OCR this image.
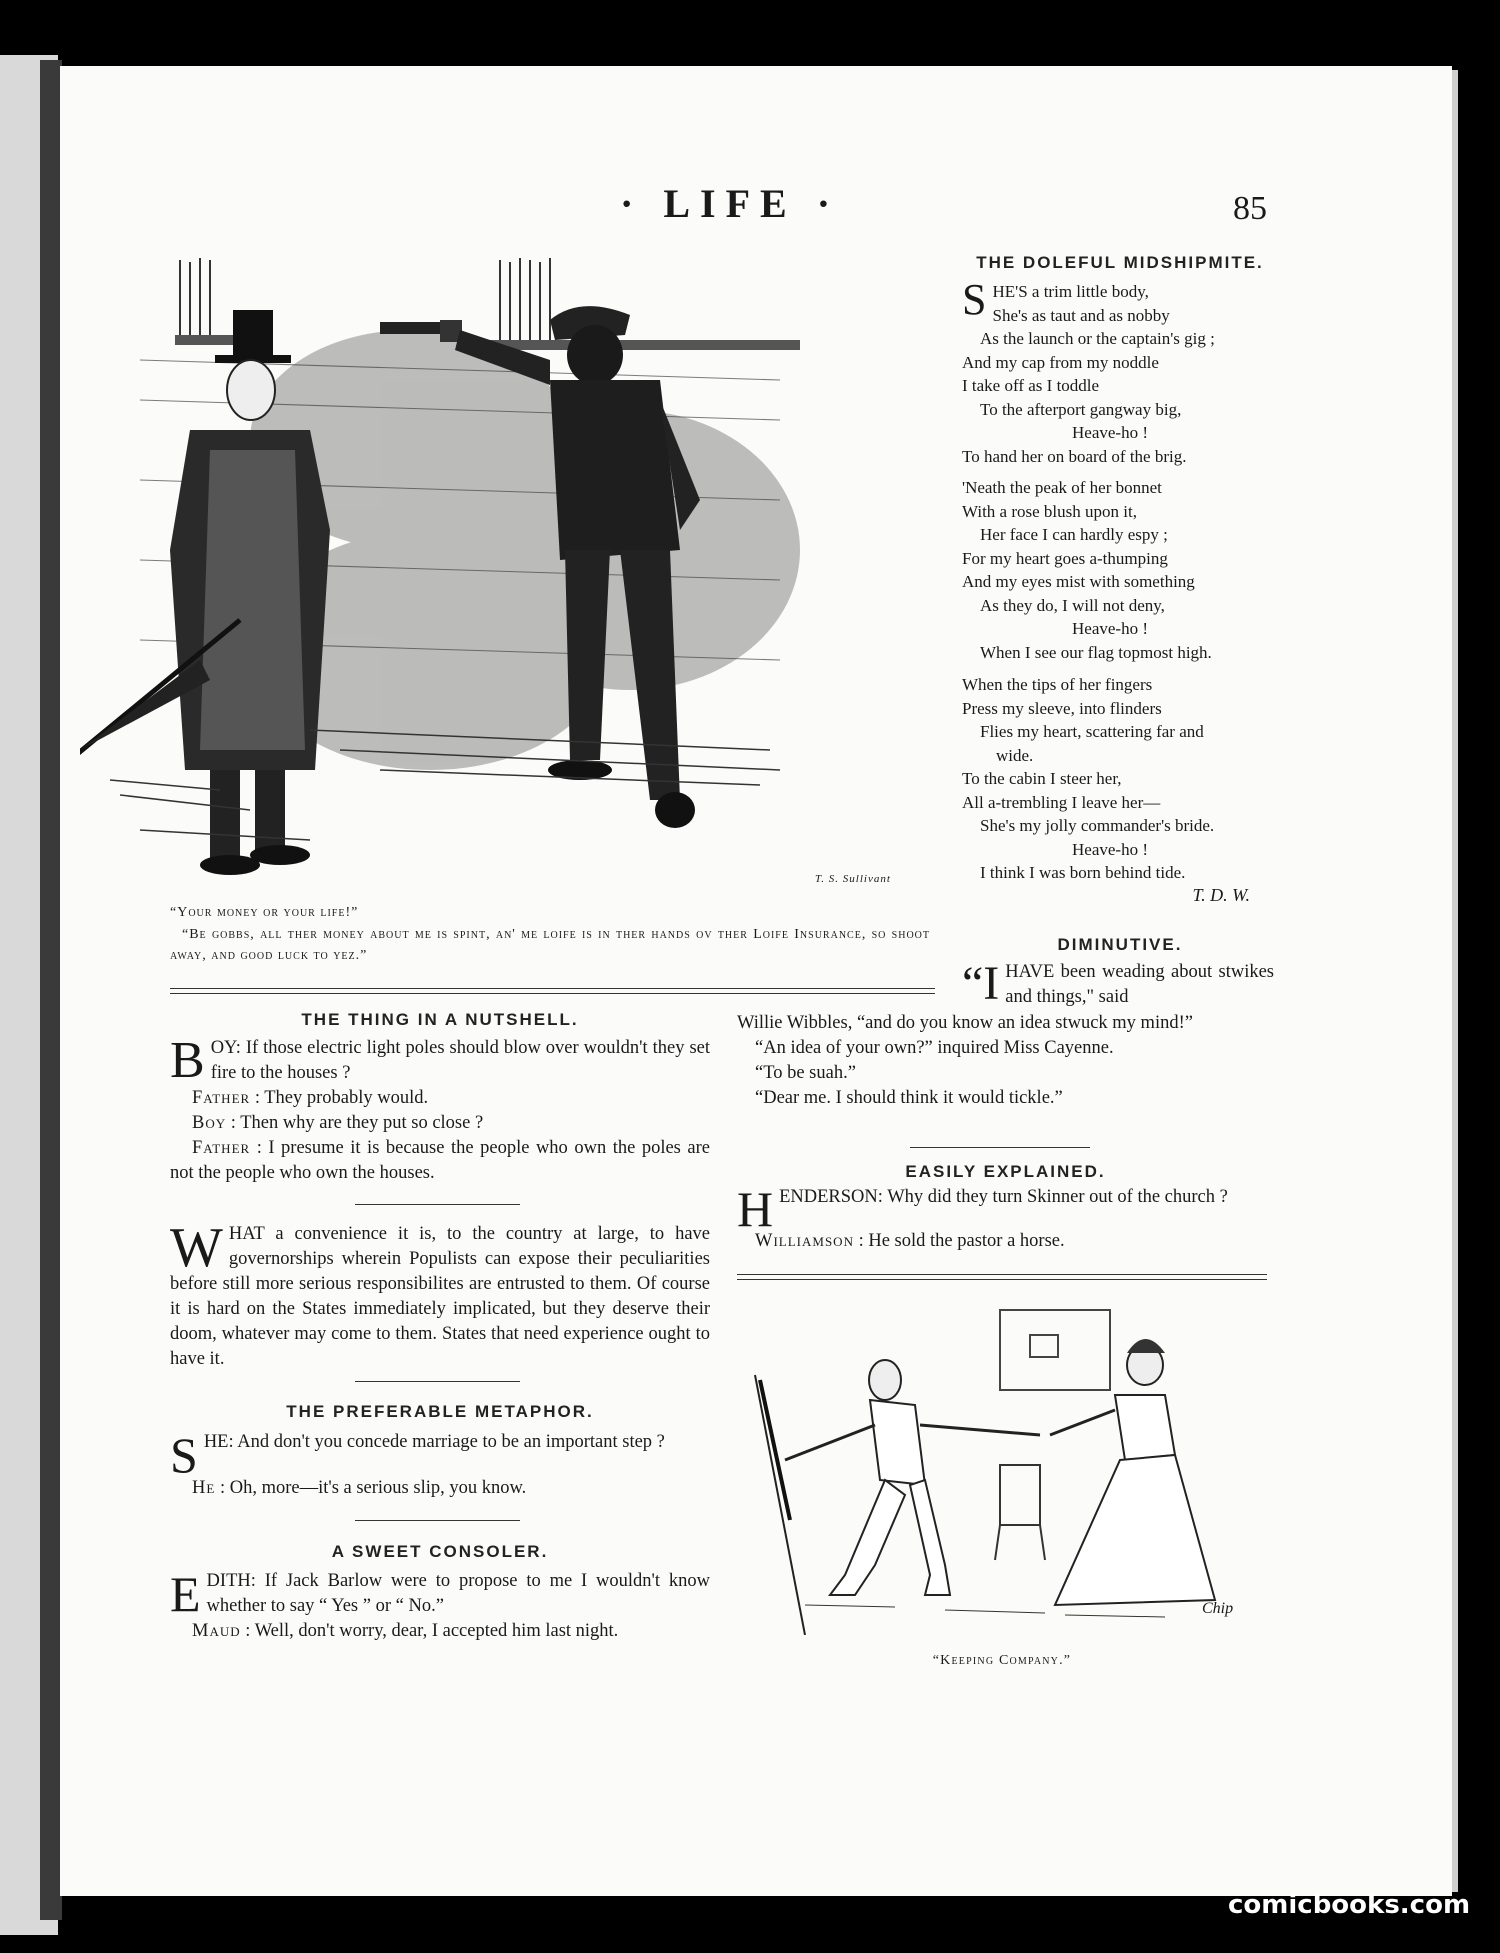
· LIFE ·	85
T. S. Sullivant
“Your money or your life!”
“Be gobbs, all ther money about me is spint, an' me loife is in ther hands ov ther Loife Insurance, so shoot away, and good luck to yez.”
THE DOLEFUL MIDSHIPMITE.
SHE'S a trim little body,
She's as taut and as nobby
As the launch or the captain's gig ;
And my cap from my noddle
I take off as I toddle
To the afterport gangway big,
Heave-ho !
To hand her on board of the brig.
'Neath the peak of her bonnet
With a rose blush upon it,
Her face I can hardly espy ;
For my heart goes a-thumping
And my eyes mist with something
As they do, I will not deny,
Heave-ho !
When I see our flag topmost high.
When the tips of her fingers
Press my sleeve, into flinders
Flies my heart, scattering far and
wide.
To the cabin I steer her,
All a-trembling I leave her—
She's my jolly commander's bride.
Heave-ho !
I think I was born behind tide.
T. D. W.
DIMINUTIVE.
“IHAVE been weading about stwikes and things," said
Willie Wibbles, “and do you know an idea stwuck my mind!”
“An idea of your own?” inquired Miss Cayenne.
“To be suah.”
“Dear me. I should think it would tickle.”
EASILY EXPLAINED.
HENDERSON: Why did they turn Skinner out of the church ?
Williamson : He sold the pastor a horse.
Chip
“Keeping Company.”
THE THING IN A NUTSHELL.
BOY: If those electric light poles should blow over wouldn't they set fire to the houses ?
Father : They probably would.
Boy : Then why are they put so close ?
Father : I presume it is because the people who own the poles are not the people who own the houses.
WHAT a convenience it is, to the country at large, to have governorships wherein Populists can expose their peculiarities before still more serious responsibilites are entrusted to them. Of course it is hard on the States immediately implicated, but they deserve their doom, whatever may come to them. States that need experience ought to have it.
THE PREFERABLE METAPHOR.
SHE: And don't you concede marriage to be an important step ?
He : Oh, more—it's a serious slip, you know.
A SWEET CONSOLER.
EDITH: If Jack Barlow were to propose to me I wouldn't know whether to say “ Yes ” or “ No.”
Maud : Well, don't worry, dear, I accepted him last night.
comicbooks.com
